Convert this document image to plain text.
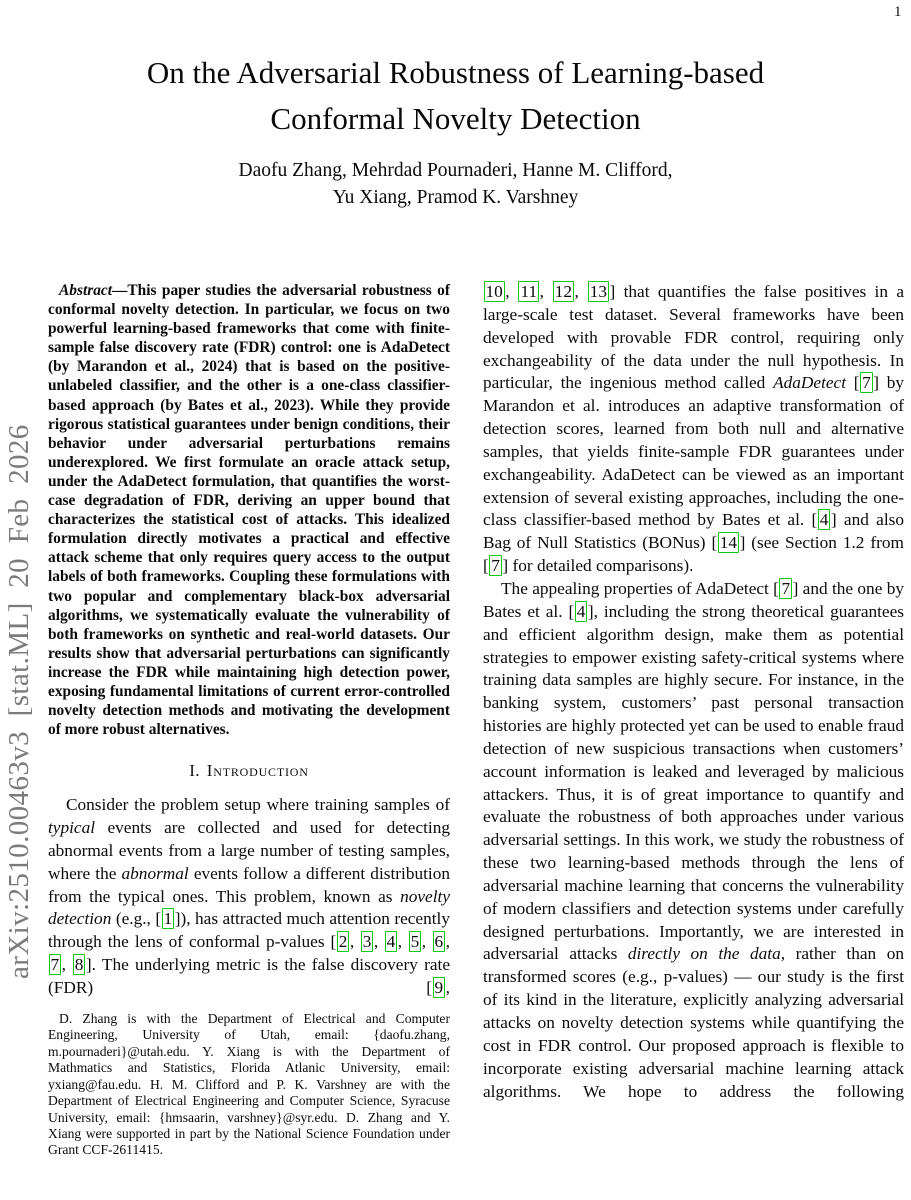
1
arXiv:2510.00463v3 [stat.ML] 20 Feb 2026
On the Adversarial Robustness of Learning-based
Conformal Novelty Detection
Daofu Zhang, Mehrdad Pournaderi, Hanne M. Clifford,
Yu Xiang, Pramod K. Varshney

Abstract—This paper studies the adversarial robustness of conformal novelty detection. In particular, we focus on two powerful learning-based frameworks that come with finite-sample false discovery rate (FDR) control: one is AdaDetect (by Marandon et al., 2024) that is based on the positive-unlabeled classifier, and the other is a one-class classifier-based approach (by Bates et al., 2023). While they provide rigorous statistical guarantees under benign conditions, their behavior under adversarial perturbations remains underexplored. We first formulate an oracle attack setup, under the AdaDetect formulation, that quantifies the worst-case degradation of FDR, deriving an upper bound that characterizes the statistical cost of attacks. This idealized formulation directly motivates a practical and effective attack scheme that only requires query access to the output labels of both frameworks. Coupling these formulations with two popular and complementary black-box adversarial algorithms, we systematically evaluate the vulnerability of both frameworks on synthetic and real-world datasets. Our results show that adversarial perturbations can significantly increase the FDR while maintaining high detection power, exposing fundamental limitations of current error-controlled novelty detection methods and motivating the development of more robust alternatives.

I. Introduction

Consider the problem setup where training samples of typical events are collected and used for detecting abnormal events from a large number of testing samples, where the abnormal events follow a different distribution from the typical ones. This problem, known as novelty detection (e.g., [ 1 ]), has attracted much attention recently through the lens of conformal p-values [ 2 , 3 , 4 , 5 , 6 , 7 , 8 ]. The underlying metric is the false discovery rate (FDR) [ 9 ,

D. Zhang is with the Department of Electrical and Computer Engineering, University of Utah, email: {daofu.zhang, m.pournaderi}@utah.edu. Y. Xiang is with the Department of Mathmatics and Statistics, Florida Atlanic University, email: yxiang@fau.edu. H. M. Clifford and P. K. Varshney are with the Department of Electrical Engineering and Computer Science, Syracuse University, email: {hmsaarin, varshney}@syr.edu. D. Zhang and Y. Xiang were supported in part by the National Science Foundation under Grant CCF-2611415.

10 , 11 , 12 , 13 ] that quantifies the false positives in a large-scale test dataset. Several frameworks have been developed with provable FDR control, requiring only exchangeability of the data under the null hypothesis. In particular, the ingenious method called AdaDetect [ 7 ] by Marandon et al. introduces an adaptive transformation of detection scores, learned from both null and alternative samples, that yields finite-sample FDR guarantees under exchangeability. AdaDetect can be viewed as an important extension of several existing approaches, including the one-class classifier-based method by Bates et al. [ 4 ] and also Bag of Null Statistics (BONus) [ 14 ] (see Section 1.2 from [ 7 ] for detailed comparisons).

The appealing properties of AdaDetect [ 7 ] and the one by Bates et al. [ 4 ], including the strong theoretical guarantees and efficient algorithm design, make them as potential strategies to empower existing safety-critical systems where training data samples are highly secure. For instance, in the banking system, customers’ past personal transaction histories are highly protected yet can be used to enable fraud detection of new suspicious transactions when customers’ account information is leaked and leveraged by malicious attackers. Thus, it is of great importance to quantify and evaluate the robustness of both approaches under various adversarial settings. In this work, we study the robustness of these two learning-based methods through the lens of adversarial machine learning that concerns the vulnerability of modern classifiers and detection systems under carefully designed perturbations. Importantly, we are interested in adversarial attacks directly on the data, rather than on transformed scores (e.g., p-values) — our study is the first of its kind in the literature, explicitly analyzing adversarial attacks on novelty detection systems while quantifying the cost in FDR control. Our proposed approach is flexible to incorporate existing adversarial machine learning attack algorithms. We hope to address the following
